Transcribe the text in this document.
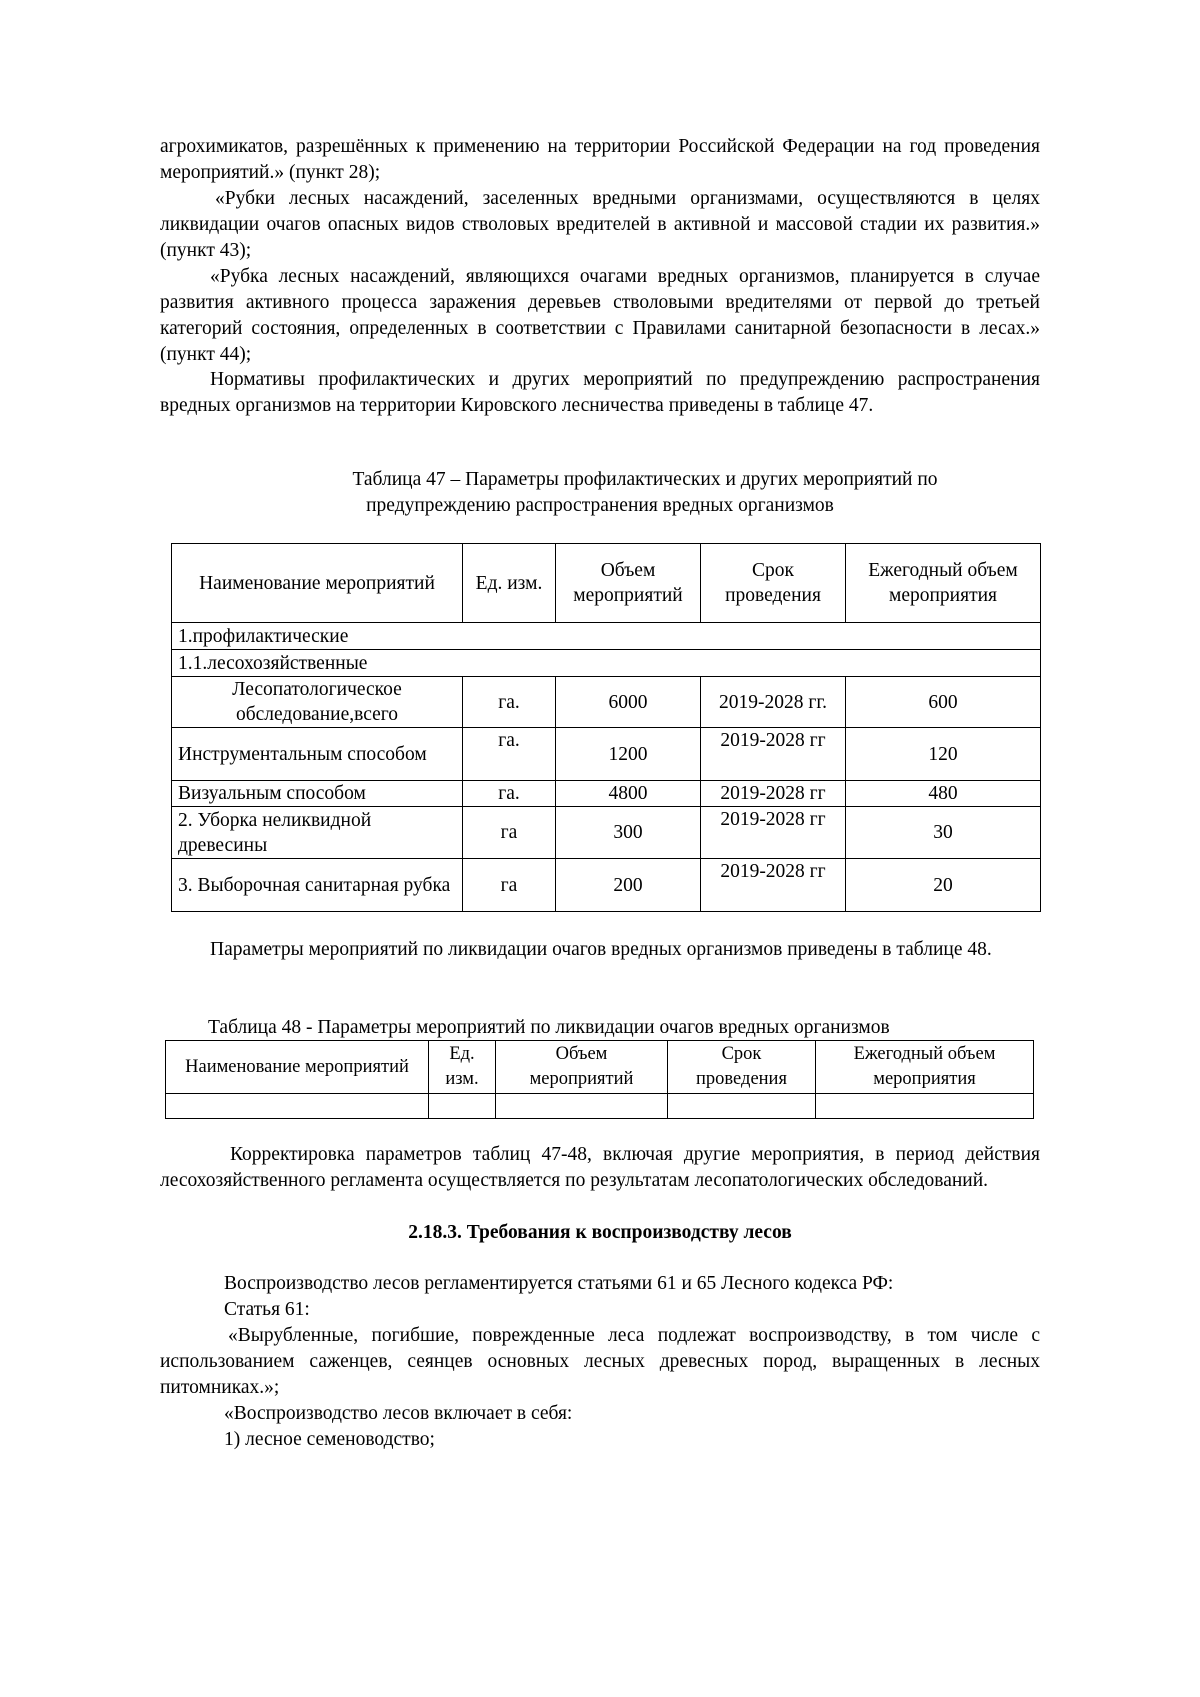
агрохимикатов, разрешённых к применению на территории Российской Федерации на год проведения мероприятий.» (пункт 28);

«Рубки лесных насаждений, заселенных вредными организмами, осуществляются в целях ликвидации очагов опасных видов стволовых вредителей в активной и массовой стадии их развития.» (пункт 43);

«Рубка лесных насаждений, являющихся очагами вредных организмов, планируется в случае развития активного процесса заражения деревьев стволовыми вредителями от первой до третьей категорий состояния, определенных в соответствии с Правилами санитарной безопасности в лесах.» (пункт 44);

Нормативы профилактических и других мероприятий по предупреждению распространения вредных организмов на территории Кировского лесничества приведены в таблице 47.

Таблица 47 – Параметры профилактических и других мероприятий по

предупреждению распространения вредных организмов

Наименование мероприятий	Ед. изм.	Объем мероприятий	Срок проведения	Ежегодный объем мероприятия
1.профилактические				
1.1.лесохозяйственные				
Лесопатологическое обследование,всего	га.	6000	2019-2028 гг.	600
Инструментальным способом	га.	1200	2019-2028 гг	120
Визуальным способом	га.	4800	2019-2028 гг	480
2. Уборка неликвидной древесины	га	300	2019-2028 гг	30
3. Выборочная санитарная рубка	га	200	2019-2028 гг	20

Параметры мероприятий по ликвидации очагов вредных организмов приведены в таблице 48.

Таблица 48 - Параметры мероприятий по ликвидации очагов вредных организмов

Наименование мероприятий	Ед. изм.	Объем мероприятий	Срок проведения	Ежегодный объем мероприятия

Корректировка параметров таблиц 47-48, включая другие мероприятия, в период действия лесохозяйственного регламента осуществляется по результатам лесопатологических обследований.

2.18.3. Требования к воспроизводству лесов

Воспроизводство лесов регламентируется статьями 61 и 65 Лесного кодекса РФ:

Статья 61:

«Вырубленные, погибшие, поврежденные леса подлежат воспроизводству, в том числе с использованием саженцев, сеянцев основных лесных древесных пород, выращенных в лесных питомниках.»;

«Воспроизводство лесов включает в себя:

1) лесное семеноводство;
